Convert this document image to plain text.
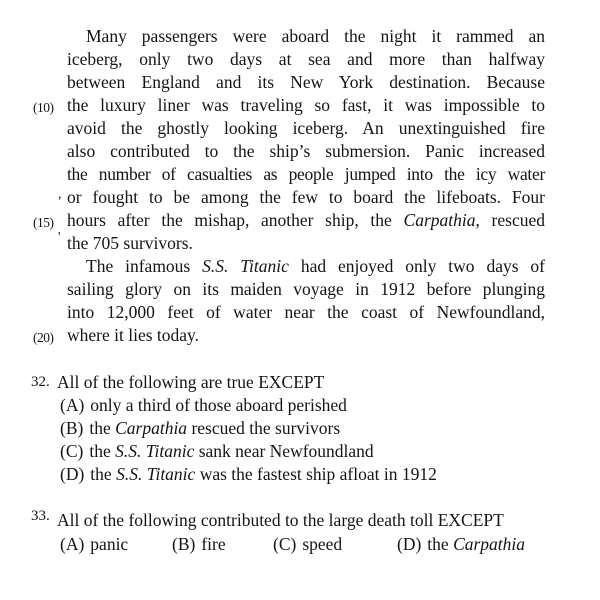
Many passengers were aboard the night it rammed an
iceberg, only two days at sea and more than halfway
between England and its New York destination. Because
(10) the luxury liner was traveling so fast, it was impossible to
avoid the ghostly looking iceberg. An unextinguished fire
also contributed to the ship’s submersion. Panic increased
the number of casualties as people jumped into the icy water
, or fought to be among the few to board the lifeboats. Four
(15) hours after the mishap, another ship, the Carpathia, rescued
' the 705 survivors.
The infamous S.S. Titanic had enjoyed only two days of
sailing glory on its maiden voyage in 1912 before plunging
into 12,000 feet of water near the coast of Newfoundland,
(20) where it lies today.
32. All of the following are true EXCEPT
(A) only a third of those aboard perished
(B) the Carpathia rescued the survivors
(C) the S.S. Titanic sank near Newfoundland
(D) the S.S. Titanic was the fastest ship afloat in 1912
33. All of the following contributed to the large death toll EXCEPT
(A) panic	(B) fire	(C) speed	(D) the Carpathia
